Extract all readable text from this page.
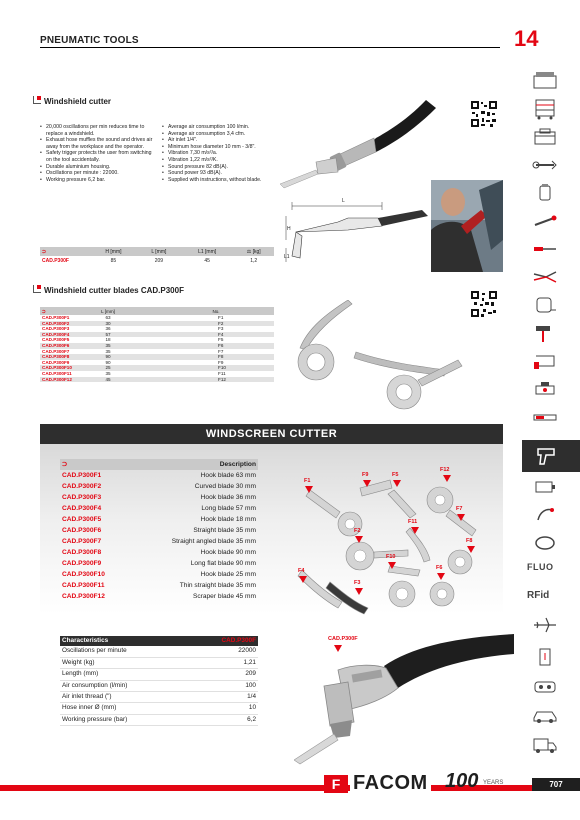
PNEUMATIC TOOLS	14
Windshield cutter
• 20,000 oscillations per min reduces time to replace a windshield.
• Exhaust hose muffles the sound and drives air away from the workplace and the operator.
• Safety trigger protects the user from switching on the tool accidentally.
• Durable aluminium housing.
• Oscillations per minute : 22000.
• Working pressure 6,2 bar.
• Average air consumption 100 l/min.
• Average air consumption 3,4 cfm.
• Air inlet 1/4".
• Minimum hose diameter 10 mm - 3/8".
• Vibration 7,30 m/s²/a.
• Vibration 1,22 m/s²/K.
• Sound pressure 82 dB(A).
• Sound power 93 dB(A).
• Supplied with instructions, without blade.
L
H
L1
⮊	H [mm]	L [mm]	L1 [mm]	⚖ [kg]
CAD.P300F	85	209	45	1,2
Windshield cutter blades CAD.P300F
⮊	L [mm]	No.
CAD.P300F1	63	F1
CAD.P300F2	30	F2
CAD.P300F3	36	F3
CAD.P300F4	57	F4
CAD.P300F5	18	F5
CAD.P300F6	35	F6
CAD.P300F7	35	F7
CAD.P300F8	90	F8
CAD.P300F9	90	F9
CAD.P300F10	25	F10
CAD.P300F11	35	F11
CAD.P300F12	45	F12
WINDSCREEN CUTTER
⮊	Description
CAD.P300F1	Hook blade 63 mm
CAD.P300F2	Curved blade 30 mm
CAD.P300F3	Hook blade 36 mm
CAD.P300F4	Long blade 57 mm
CAD.P300F5	Hook blade 18 mm
CAD.P300F6	Straight blade 35 mm
CAD.P300F7	Straight angled blade 35 mm
CAD.P300F8	Hook blade 90 mm
CAD.P300F9	Long flat blade 90 mm
CAD.P300F10	Hook blade 25 mm
CAD.P300F11	Thin straight blade 35 mm
CAD.P300F12	Scraper blade 45 mm
F1
F9	F5
F12
F11
F7
F2
F8
F10
F6
F4
F3
Characteristics	CAD.P300F
Oscillations per minute	22000
Weight (kg)	1,21
Length (mm)	209
Air consumption (l/min)	100
Air inlet thread (")	1/4
Hose inner Ø (mm)	10
Working pressure (bar)	6,2
CAD.P300F
FLUO
RFid
F FACOM 100 YEARS	707
